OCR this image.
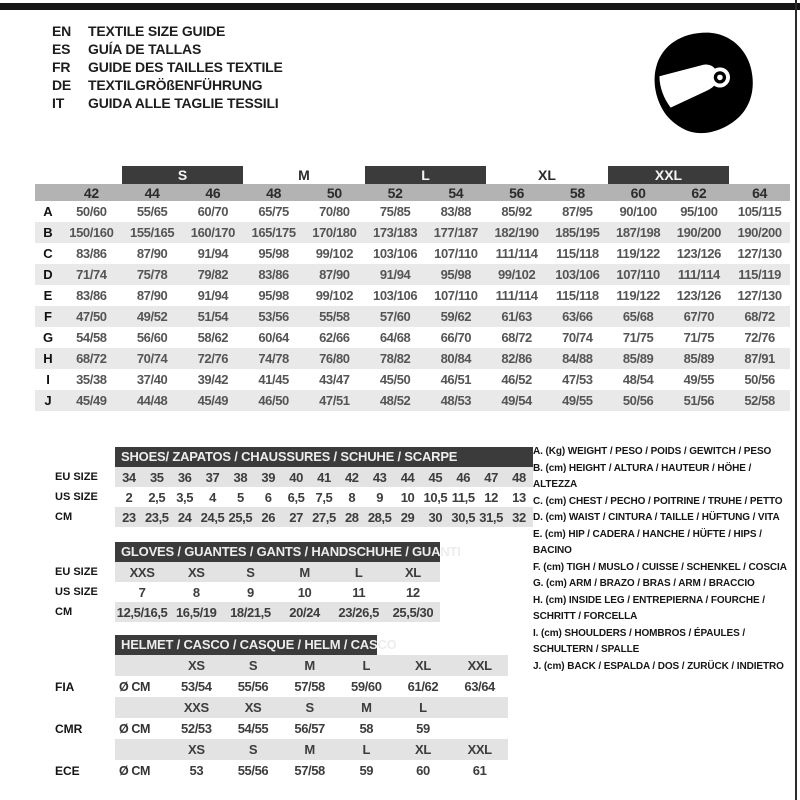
EN	TEXTILE SIZE GUIDE
ES	GUÍA DE TALLAS
FR	GUIDE DES TAILLES TEXTILE
DE	TEXTILGRÖßENFÜHRUNG
IT	GUIDA ALLE TAGLIE TESSILI
		S		M		L		XL		XXL		
	42	44	46	48	50	52	54	56	58	60	62	64
A	50/60	55/65	60/70	65/75	70/80	75/85	83/88	85/92	87/95	90/100	95/100	105/115
B	150/160	155/165	160/170	165/175	170/180	173/183	177/187	182/190	185/195	187/198	190/200	190/200
C	83/86	87/90	91/94	95/98	99/102	103/106	107/110	111/114	115/118	119/122	123/126	127/130
D	71/74	75/78	79/82	83/86	87/90	91/94	95/98	99/102	103/106	107/110	111/114	115/119
E	83/86	87/90	91/94	95/98	99/102	103/106	107/110	111/114	115/118	119/122	123/126	127/130
F	47/50	49/52	51/54	53/56	55/58	57/60	59/62	61/63	63/66	65/68	67/70	68/72
G	54/58	56/60	58/62	60/64	62/66	64/68	66/70	68/72	70/74	71/75	71/75	72/76
H	68/72	70/74	72/76	74/78	76/80	78/82	80/84	82/86	84/88	85/89	85/89	87/91
I	35/38	37/40	39/42	41/45	43/47	45/50	46/51	46/52	47/53	48/54	49/55	50/56
J	45/49	44/48	45/49	46/50	47/51	48/52	48/53	49/54	49/55	50/56	51/56	52/58
SHOES/ ZAPATOS / CHAUSSURES / SCHUHE / SCARPE
EU SIZE	34	35	36	37	38	39	40	41	42	43	44	45	46	47	48
US SIZE	2	2,5	3,5	4	5	6	6,5	7,5	8	9	10	10,5	11,5	12	13
CM	23	23,5	24	24,5	25,5	26	27	27,5	28	28,5	29	30	30,5	31,5	32
GLOVES / GUANTES / GANTS / HANDSCHUHE / GUANTI
EU SIZE	XXS	XS	S	M	L	XL
US SIZE	7	8	9	10	11	12
CM	12,5/16,5	16,5/19	18/21,5	20/24	23/26,5	25,5/30
HELMET / CASCO / CASQUE / HELM / CASCO
		XS	S	M	L	XL	XXL
FIA	Ø CM	53/54	55/56	57/58	59/60	61/62	63/64
		XXS	XS	S	M	L	
CMR	Ø CM	52/53	54/55	56/57	58	59	
		XS	S	M	L	XL	XXL
ECE	Ø CM	53	55/56	57/58	59	60	61
A. (Kg) WEIGHT / PESO / POIDS / GEWITCH / PESO
B. (cm) HEIGHT / ALTURA / HAUTEUR / HÖHE / ALTEZZA
C. (cm) CHEST / PECHO / POITRINE / TRUHE / PETTO
D. (cm) WAIST / CINTURA / TAILLE / HÜFTUNG / VITA
E. (cm) HIP / CADERA / HANCHE / HÜFTE / HIPS / BACINO
F. (cm) TIGH / MUSLO / CUISSE / SCHENKEL / COSCIA
G. (cm) ARM / BRAZO / BRAS / ARM / BRACCIO
H. (cm) INSIDE LEG / ENTREPIERNA / FOURCHE / SCHRITT / FORCELLA
I. (cm) SHOULDERS / HOMBROS / ÉPAULES / SCHULTERN / SPALLE
J. (cm) BACK / ESPALDA / DOS / ZURÜCK / INDIETRO
